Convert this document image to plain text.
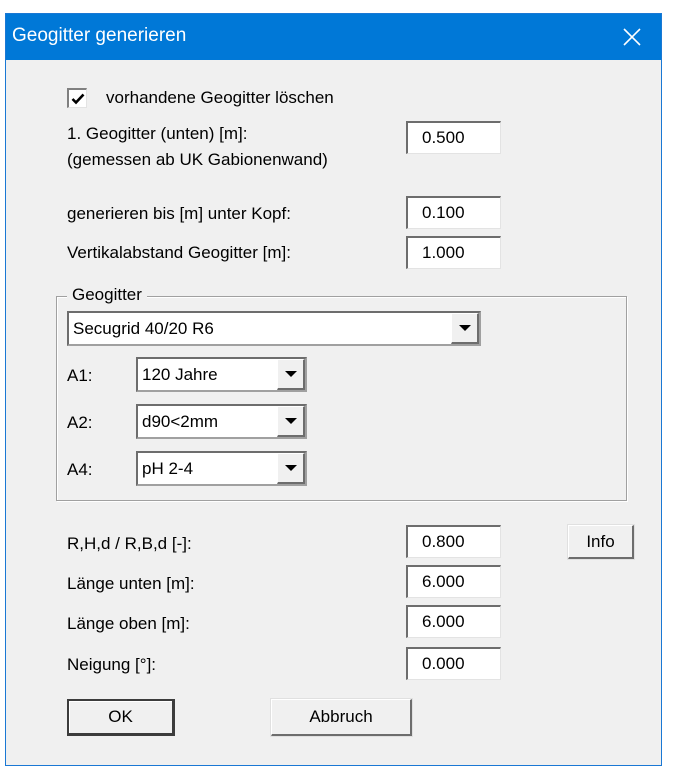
Geogitter generieren
vorhandene Geogitter löschen
1. Geogitter (unten) [m]:
(gemessen ab UK Gabionenwand)
0.500
generieren bis [m] unter Kopf:
0.100
Vertikalabstand Geogitter [m]:
1.000
Geogitter
Secugrid 40/20 R6
A1:	120 Jahre
A2:	d90<2mm
A4:	pH 2-4
R,H,d / R,B,d [-]:
0.800	Info
Länge unten [m]:
6.000
Länge oben [m]:
6.000
Neigung [°]:
0.000
OK	Abbruch
